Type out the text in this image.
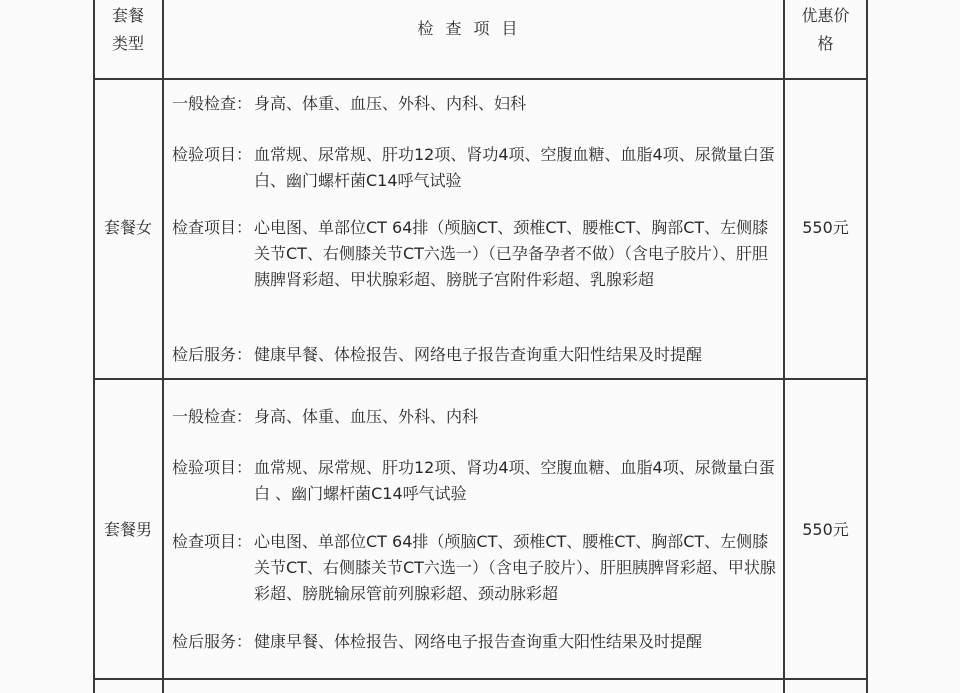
套餐
类型
检查项目
优惠价
格
套餐女	550元
一般检查： 身高、体重、血压、外科、内科、妇科
检验项目： 血常规、尿常规、肝功12项、肾功4项、空腹血糖、血脂4项、尿微量白蛋白、幽门螺杆菌C14呼气试验
检查项目： 心电图、单部位CT 64排（颅脑CT、颈椎CT、腰椎CT、胸部CT、左侧膝关节CT、右侧膝关节CT六选一）（已孕备孕者不做）（含电子胶片）、肝胆胰脾肾彩超、甲状腺彩超、膀胱子宫附件彩超、乳腺彩超
检后服务： 健康早餐、体检报告、网络电子报告查询重大阳性结果及时提醒
套餐男	550元
一般检查： 身高、体重、血压、外科、内科
检验项目： 血常规、尿常规、肝功12项、肾功4项、空腹血糖、血脂4项、尿微量白蛋白 、幽门螺杆菌C14呼气试验
检查项目： 心电图、单部位CT 64排（颅脑CT、颈椎CT、腰椎CT、胸部CT、左侧膝关节CT、右侧膝关节CT六选一）（含电子胶片）、肝胆胰脾肾彩超、甲状腺彩超、膀胱输尿管前列腺彩超、颈动脉彩超
检后服务： 健康早餐、体检报告、网络电子报告查询重大阳性结果及时提醒
